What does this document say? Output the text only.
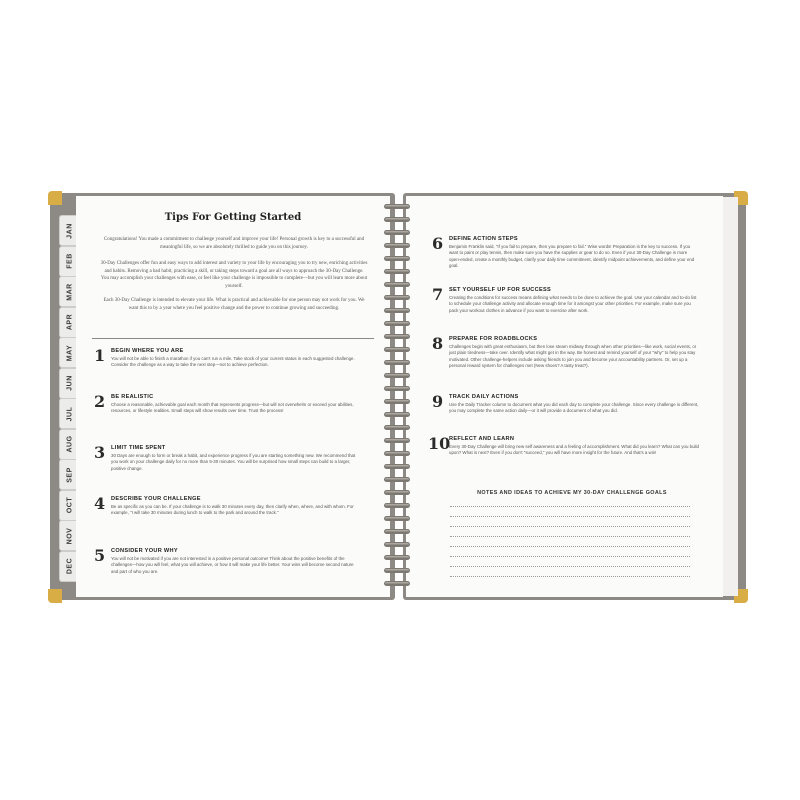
JAN
FEB
MAR
APR
MAY
JUN
JUL
AUG
SEP
OCT
NOV
DEC
Tips For Getting Started

Congratulations! You made a commitment to challenge yourself and improve your life! Personal growth is key to a successful and meaningful life, so we are absolutely thrilled to guide you on this journey.

30-Day Challenges offer fun and easy ways to add interest and variety to your life by encouraging you to try new, enriching activities and habits. Removing a bad habit, practicing a skill, or taking steps toward a goal are all ways to approach the 30-Day Challenge. You may accomplish your challenges with ease, or feel like your challenge is impossible to complete—but you will learn more about yourself.

Each 30-Day Challenge is intended to elevate your life. What is practical and achievable for one person may not work for you. We want this to by a year where you feel positive change and the power to continue growing and succeeding.

1 BEGIN WHERE YOU ARE
You will not be able to finish a marathon if you can't run a mile. Take stock of your current status in each suggested challenge. Consider the challenge as a way to take the next step—not to achieve perfection.
2 BE REALISTIC
Choose a reasonable, achievable goal each month that represents progress—but will not overwhelm or exceed your abilities, resources, or lifestyle realities. Small steps will show results over time. Trust the process!
3 LIMIT TIME SPENT
30 Days are enough to form or break a habit, and experience progress if you are starting something new. We recommend that you work on your challenge daily for no more than 5-30 minutes. You will be surprised how small steps can build to a larger, positive change.
4 DESCRIBE YOUR CHALLENGE
Be as specific as you can be. If your challenge is to walk 30 minutes every day, then clarify when, where, and with whom. For example, "I will take 30 minutes during lunch to walk to the park and around the track."
5 CONSIDER YOUR WHY
You will not be motivated if you are not interested in a positive personal outcome! Think about the positive benefits of the challenges—how you will feel, what you will achieve, or how it will make your life better. Your wins will become second nature and part of who you are.
6 DEFINE ACTION STEPS
Benjamin Franklin said, "If you fail to prepare, then you prepare to fail." Wise words! Preparation is the key to success. If you want to paint or play tennis, then make sure you have the supplies or gear to do so. Even if your 30-Day Challenge is more open-ended, create a monthly budget, clarify your daily time commitment, identify midpoint achievements, and define your end goal.
7 SET YOURSELF UP FOR SUCCESS
Creating the conditions for success means defining what needs to be done to achieve the goal. Use your calendar and to-do list to schedule your challenge activity and allocate enough time for it amongst your other priorities. For example, make sure you pack your workout clothes in advance if you want to exercise after work.
8 PREPARE FOR ROADBLOCKS
Challenges begin with great enthusiasm, but then lose steam midway through when other priorities—like work, social events, or just plain tiredness—take over. Identify what might get in the way. Be honest and remind yourself of your "why" to help you stay motivated. Other challenge-helpers include asking friends to join you and become your accountability partners. Or, set up a personal reward system for challenges met (New shoes? A tasty treat?).
9 TRACK DAILY ACTIONS
Use the Daily Tracker column to document what you did each day to complete your challenge. Since every challenge is different, you may complete the same action daily—or it will provide a document of what you did.
10
REFLECT AND LEARN
Every 30-Day Challenge will bring new self awareness and a feeling of accomplishment. What did you learn? What can you build upon? What is next? Even if you don't "succeed," you will have more insight for the future. And that's a win!
NOTES AND IDEAS TO ACHIEVE MY 30-DAY CHALLENGE GOALS
